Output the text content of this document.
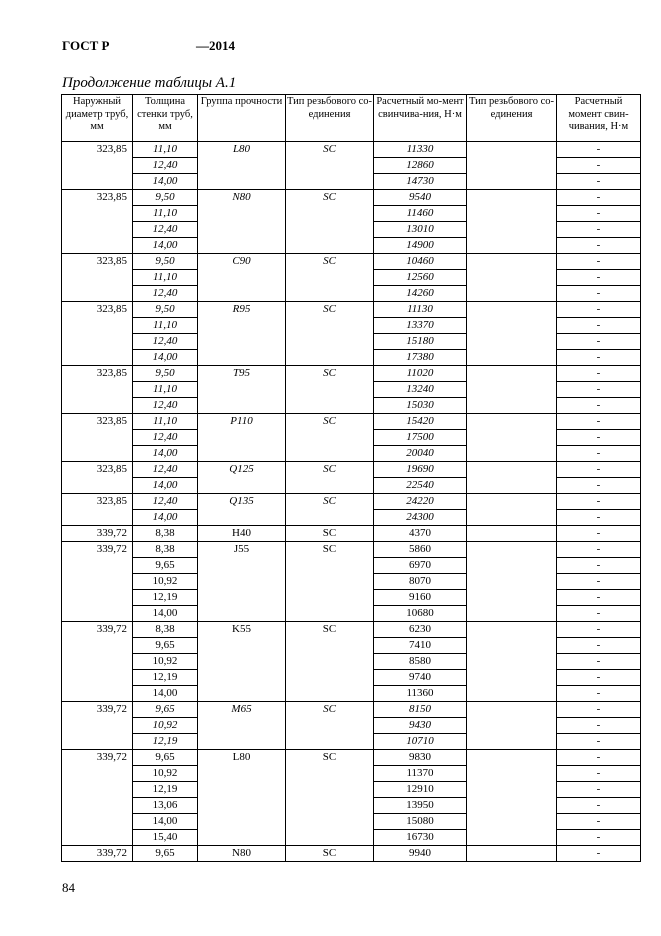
ГОСТ Р	—2014
Продолжение таблицы А.1
Наружный диаметр труб, мм	Толщина стенки труб, мм	Группа прочности	Тип резьбового со-единения	Расчетный мо-мент свинчива-ния, Н·м	Тип резьбового со-единения	Расчетный момент свин-чивания, Н·м
323,85	11,10	L80	SC	11330		-
	12,40			12860		-
	14,00			14730		-
323,85	9,50	N80	SC	9540		-
	11,10			11460		-
	12,40			13010		-
	14,00			14900		-
323,85	9,50	C90	SC	10460		-
	11,10			12560		-
	12,40			14260		-
323,85	9,50	R95	SC	11130		-
	11,10			13370		-
	12,40			15180		-
	14,00			17380		-
323,85	9,50	T95	SC	11020		-
	11,10			13240		-
	12,40			15030		-
323,85	11,10	P110	SC	15420		-
	12,40			17500		-
	14,00			20040		-
323,85	12,40	Q125	SC	19690		-
	14,00			22540		-
323,85	12,40	Q135	SC	24220		-
	14,00			24300		-
339,72	8,38	H40	SC	4370		-
339,72	8,38	J55	SC	5860		-
	9,65			6970		-
	10,92			8070		-
	12,19			9160		-
	14,00			10680		-
339,72	8,38	K55	SC	6230		-
	9,65			7410		-
	10,92			8580		-
	12,19			9740		-
	14,00			11360		-
339,72	9,65	M65	SC	8150		-
	10,92			9430		-
	12,19			10710		-
339,72	9,65	L80	SC	9830		-
	10,92			11370		-
	12,19			12910		-
	13,06			13950		-
	14,00			15080		-
	15,40			16730		-
339,72	9,65	N80	SC	9940		-
84
